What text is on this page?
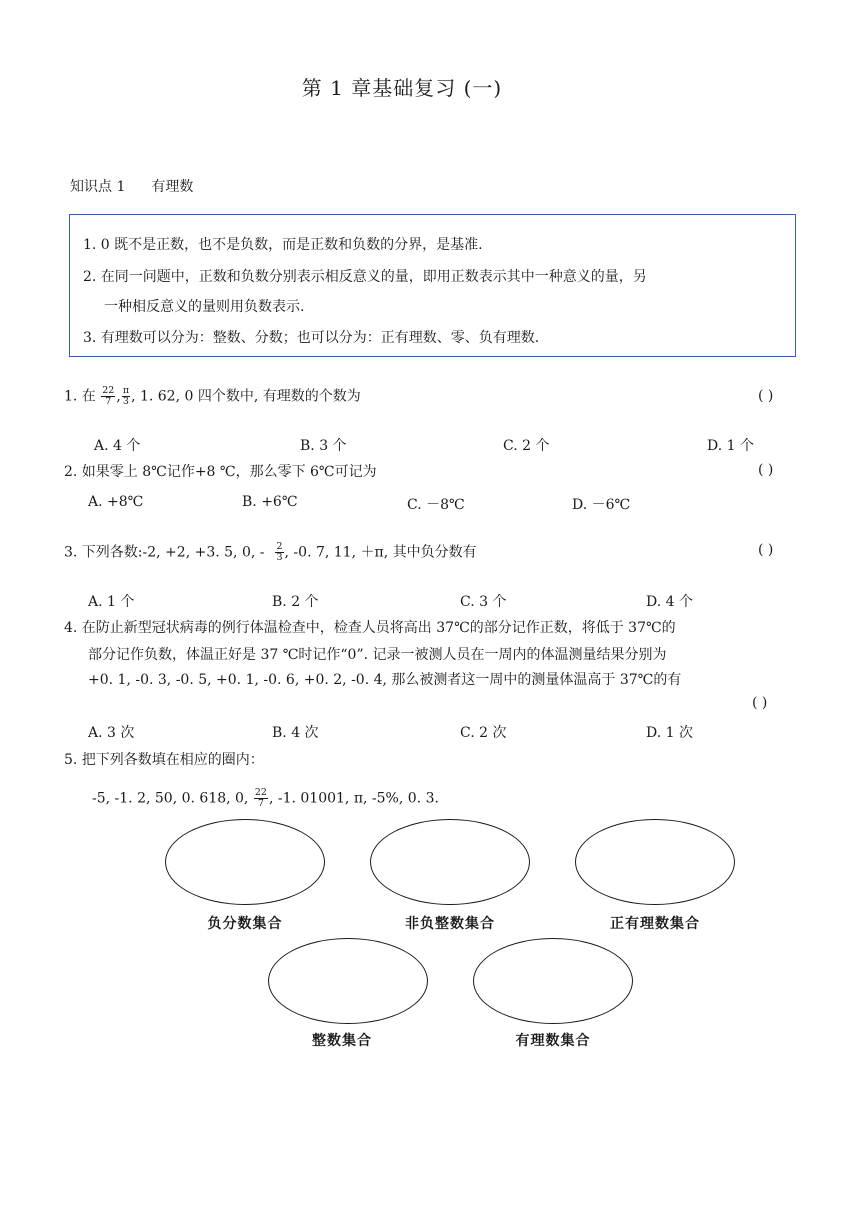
第 1 章基础复习 (一)
知识点 1 有理数
1. 0 既不是正数，也不是负数，而是正数和负数的分界，是基准.
2. 在同一问题中，正数和负数分别表示相反意义的量，即用正数表示其中一种意义的量，另
一种相反意义的量则用负数表示.
3. 有理数可以分为：整数、分数；也可以分为：正有理数、零、负有理数.
1. 在 $\frac{22}{7}$ , $\frac{\pi}{3}$ , 1. 62, 0 四个数中, 有理数的个数为	( )
A. 4 个	B. 3 个	C. 2 个	D. 1 个
2. 如果零上 8℃记作+8 ℃，那么零下 6℃可记为	( )
A. +8℃	B. +6℃	C. －8℃	D. －6℃
3. 下列各数:-2, +2, +3. 5, 0, - $\frac{2}{3}$ , -0. 7, 11, ＋π, 其中负分数有	( )
A. 1 个	B. 2 个	C. 3 个	D. 4 个
4. 在防止新型冠状病毒的例行体温检查中，检查人员将高出 37℃的部分记作正数，将低于 37℃的
部分记作负数，体温正好是 37 ℃时记作“0”. 记录一被测人员在一周内的体温测量结果分别为
+0. 1, -0. 3, -0. 5, +0. 1, -0. 6, +0. 2, -0. 4, 那么被测者这一周中的测量体温高于 37℃的有
( )
A. 3 次	B. 4 次	C. 2 次	D. 1 次
5. 把下列各数填在相应的圈内：
-5, -1. 2, 50, 0. 618, 0, $\frac{22}{7}$ , -1. 01001, π, -5%, 0. 3.
负分数集合	非负整数集合	正有理数集合
整数集合	有理数集合
